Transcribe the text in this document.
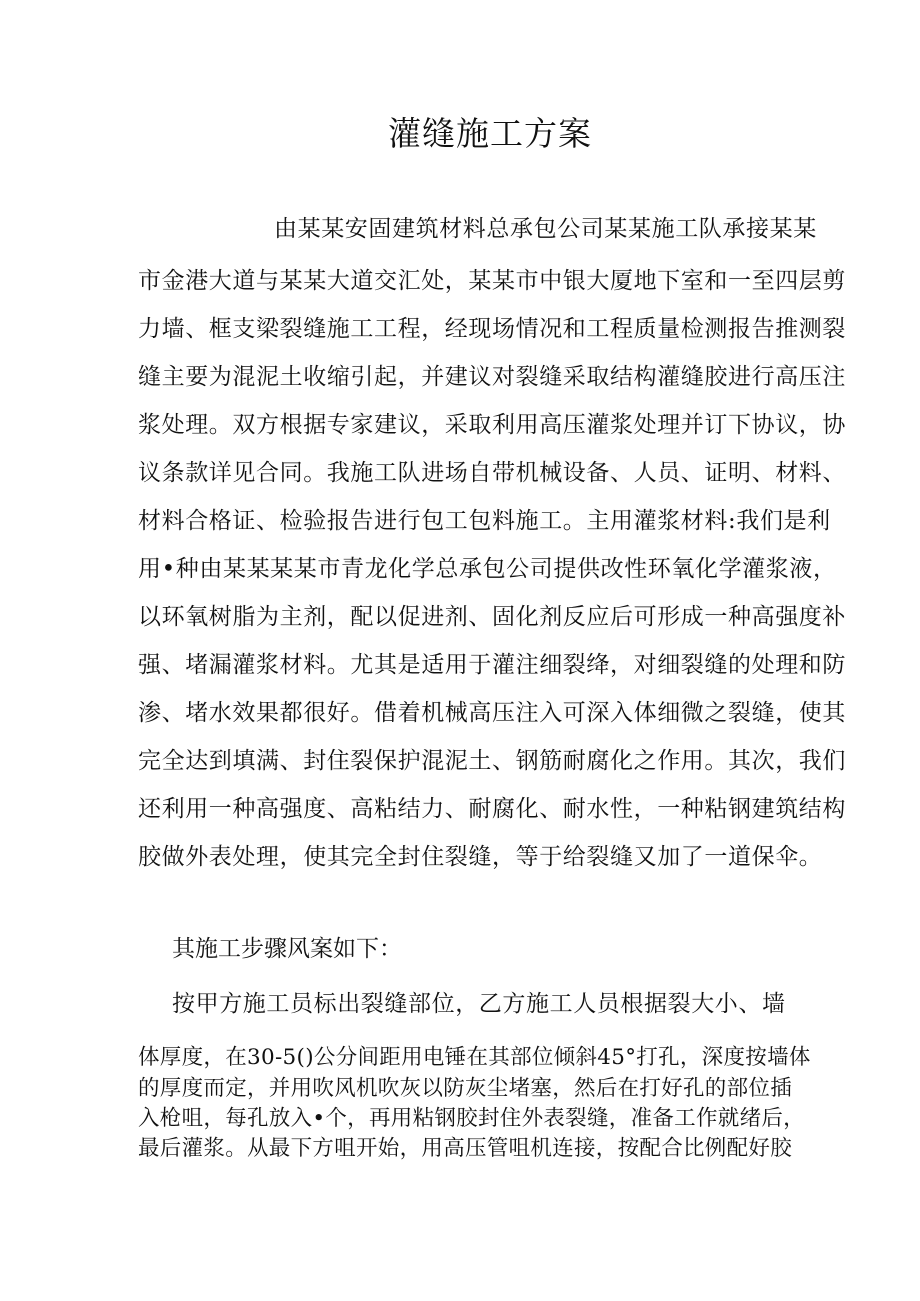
灌缝施工方案
由某某安固建筑材料总承包公司某某施工队承接某某
市金港大道与某某大道交汇处，某某市中银大厦地下室和一至四层剪
力墙、框支梁裂缝施工工程，经现场情况和工程质量检测报告推测裂
缝主要为混泥土收缩引起，并建议对裂缝采取结构灌缝胶进行高压注
浆处理。双方根据专家建议，采取利用高压灌浆处理并订下协议，协
议条款详见合同。我施工队进场自带机械设备、人员、证明、材料、
材料合格证、检验报告进行包工包料施工。主用灌浆材料:我们是利
用•种由某某某某市青龙化学总承包公司提供改性环氧化学灌浆液，
以环氧树脂为主剂，配以促进剂、固化剂反应后可形成一种高强度补
强、堵漏灌浆材料。尤其是适用于灌注细裂绛，对细裂缝的处理和防
渗、堵水效果都很好。借着机械高压注入可深入体细微之裂缝，使其
完全达到填满、封住裂保护混泥土、钢筋耐腐化之作用。其次，我们
还利用一种高强度、高粘结力、耐腐化、耐水性，一种粘钢建筑结构
胶做外表处理，使其完全封住裂缝，等于给裂缝又加了一道保伞。
其施工步骤风案如下：
按甲方施工员标出裂缝部位，乙方施工人员根据裂大小、墙
体厚度，在30-5()公分间距用电锤在其部位倾斜45°打孔，深度按墙体
的厚度而定，并用吹风机吹灰以防灰尘堵塞，然后在打好孔的部位插
入枪咀，每孔放入•个，再用粘钢胶封住外表裂缝，准备工作就绪后，
最后灌浆。从最下方咀开始，用高压管咀机连接，按配合比例配好胶
